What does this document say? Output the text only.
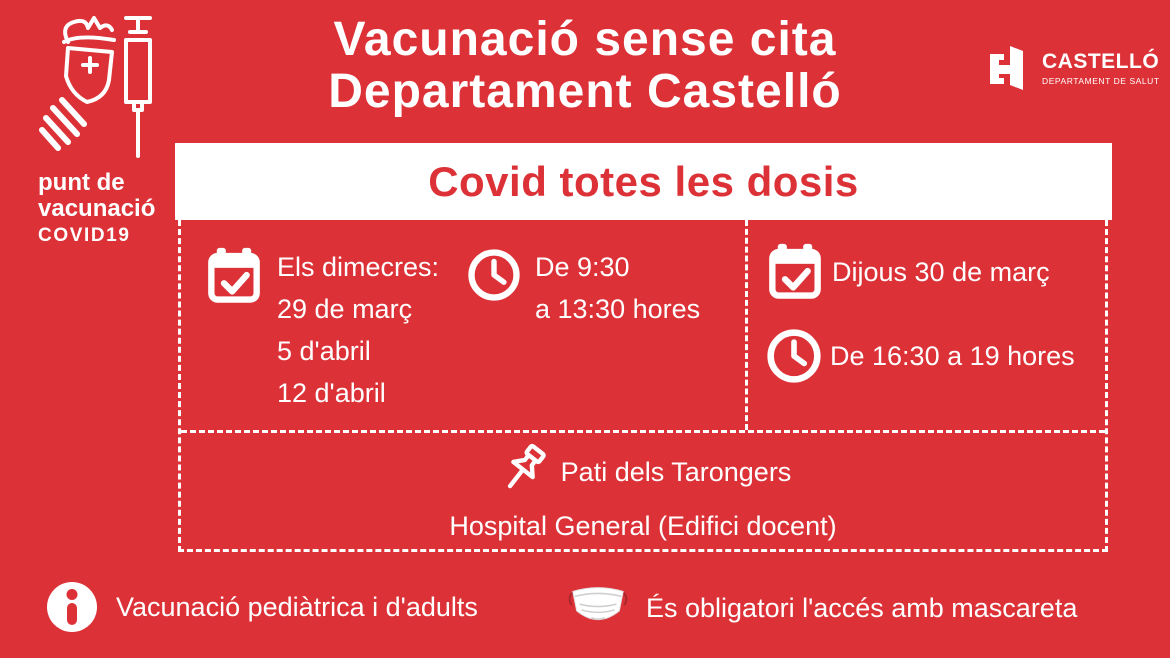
punt de
vacunació
COVID19
Vacunació sense cita
Departament Castelló
CASTELLÓ
DEPARTAMENT DE SALUT
Covid totes les dosis
Els dimecres:
29 de març
5 d'abril
12 d'abril
De 9:30
a 13:30 hores
Dijous 30 de març
De 16:30 a 19 hores
Pati dels Tarongers
Hospital General (Edifici docent)
Vacunació pediàtrica i d'adults	És obligatori l'accés amb mascareta
